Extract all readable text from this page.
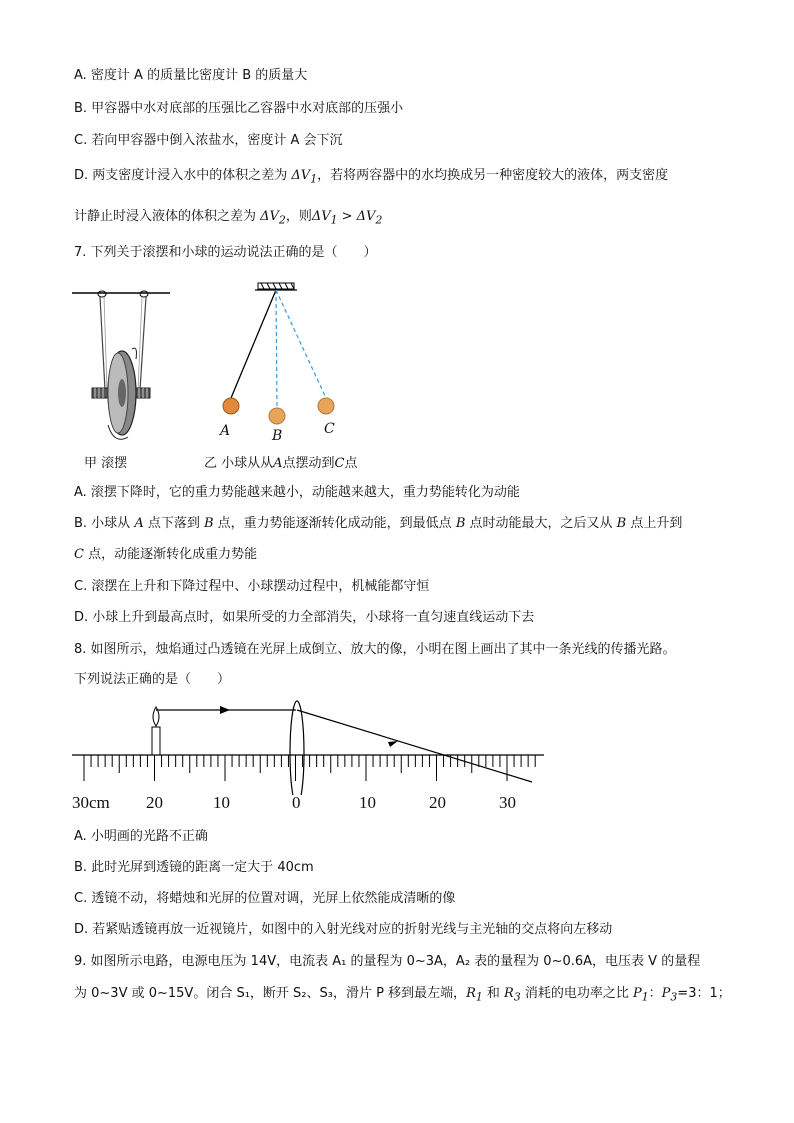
A. 密度计 A 的质量比密度计 B 的质量大
B. 甲容器中水对底部的压强比乙容器中水对底部的压强小
C. 若向甲容器中倒入浓盐水，密度计 A 会下沉
D. 两支密度计浸入水中的体积之差为 $\Delta V_1$，若将两容器中的水均换成另一种密度较大的液体，两支密度
计静止时浸入液体的体积之差为 $\Delta V_2$，则$\Delta V_1 > \Delta V_2$
7. 下列关于滚摆和小球的运动说法正确的是（　　）
甲 滚摆
A	B	C
乙 小球从从A点摆动到C点
A. 滚摆下降时，它的重力势能越来越小，动能越来越大，重力势能转化为动能
B. 小球从 A 点下落到 B 点，重力势能逐渐转化成动能，到最低点 B 点时动能最大，之后又从 B 点上升到
C 点，动能逐渐转化成重力势能
C. 滚摆在上升和下降过程中、小球摆动过程中，机械能都守恒
D. 小球上升到最高点时，如果所受的力全部消失，小球将一直匀速直线运动下去
8. 如图所示，烛焰通过凸透镜在光屏上成倒立、放大的像，小明在图上画出了其中一条光线的传播光路。
下列说法正确的是（　　）
30cm 20	10	0	10	20	30
A. 小明画的光路不正确
B. 此时光屏到透镜的距离一定大于 40cm
C. 透镜不动，将蜡烛和光屏的位置对调，光屏上依然能成清晰的像
D. 若紧贴透镜再放一近视镜片，如图中的入射光线对应的折射光线与主光轴的交点将向左移动
9. 如图所示电路，电源电压为 14V，电流表 A₁ 的量程为 0~3A，A₂ 表的量程为 0~0.6A，电压表 V 的量程
为 0~3V 或 0~15V。闭合 S₁，断开 S₂、S₃，滑片 P 移到最左端，$R_1$ 和 $R_3$ 消耗的电功率之比 $P_1$：$P_3=3$：1；
